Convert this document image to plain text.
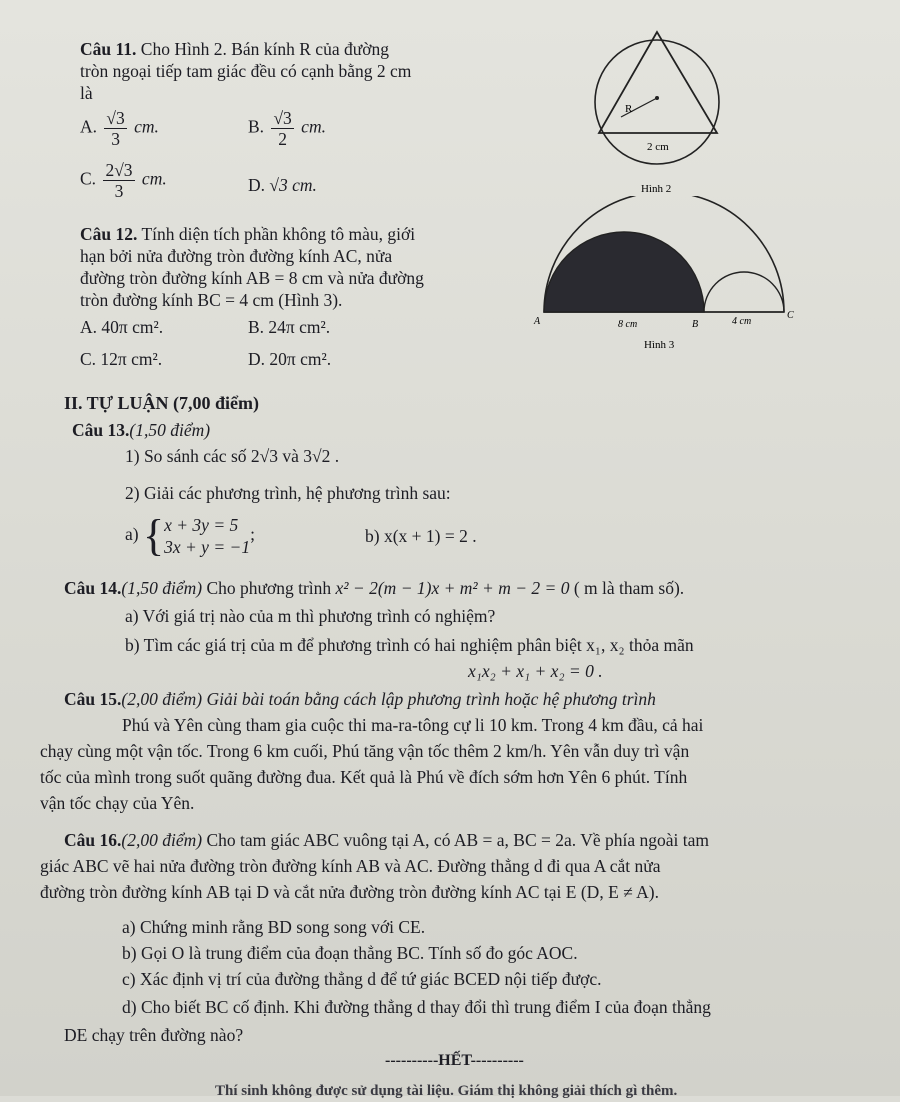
Câu 11. Cho Hình 2. Bán kính R của đường
tròn ngoại tiếp tam giác đều có cạnh bằng 2 cm
là
A. $\frac{√3}{3}$ cm.	B. $\frac{√3}{2}$ cm.
C. $\frac{2√3}{3}$ cm.	D. √3 cm.
R
2 cm
Hình 2
Câu 12. Tính diện tích phần không tô màu, giới
hạn bởi nửa đường tròn đường kính AC, nửa
đường tròn đường kính AB = 8 cm và nửa đường
tròn đường kính BC = 4 cm (Hình 3).
A. 40π cm².	B. 24π cm².
C. 12π cm².	D. 20π cm².
A	8 cm	B	4 cm
C
Hình 3
II. TỰ LUẬN (7,00 điểm)
Câu 13.(1,50 điểm)
1) So sánh các số 2√3 và 3√2 .
2) Giải các phương trình, hệ phương trình sau:
a) { x + 3y = 5
3x + y = −1
;	b) x(x + 1) = 2 .
Câu 14.(1,50 điểm) Cho phương trình x² − 2(m − 1)x + m² + m − 2 = 0 ( m là tham số).
a) Với giá trị nào của m thì phương trình có nghiệm?
b) Tìm các giá trị của m để phương trình có hai nghiệm phân biệt x₁, x₂ thỏa mãn
x₁x₂ + x₁ + x₂ = 0 .
Câu 15.(2,00 điểm) Giải bài toán bằng cách lập phương trình hoặc hệ phương trình
Phú và Yên cùng tham gia cuộc thi ma-ra-tông cự li 10 km. Trong 4 km đầu, cả hai
chạy cùng một vận tốc. Trong 6 km cuối, Phú tăng vận tốc thêm 2 km/h. Yên vẫn duy trì vận
tốc của mình trong suốt quãng đường đua. Kết quả là Phú về đích sớm hơn Yên 6 phút. Tính
vận tốc chạy của Yên.
Câu 16.(2,00 điểm) Cho tam giác ABC vuông tại A, có AB = a, BC = 2a. Về phía ngoài tam
giác ABC vẽ hai nửa đường tròn đường kính AB và AC. Đường thẳng d đi qua A cắt nửa
đường tròn đường kính AB tại D và cắt nửa đường tròn đường kính AC tại E (D, E ≠ A).
a) Chứng minh rằng BD song song với CE.
b) Gọi O là trung điểm của đoạn thẳng BC. Tính số đo góc AOC.
c) Xác định vị trí của đường thẳng d để tứ giác BCED nội tiếp được.
d) Cho biết BC cố định. Khi đường thẳng d thay đổi thì trung điểm I của đoạn thẳng
DE chạy trên đường nào?
----------HẾT----------
Thí sinh không được sử dụng tài liệu. Giám thị không giải thích gì thêm.
